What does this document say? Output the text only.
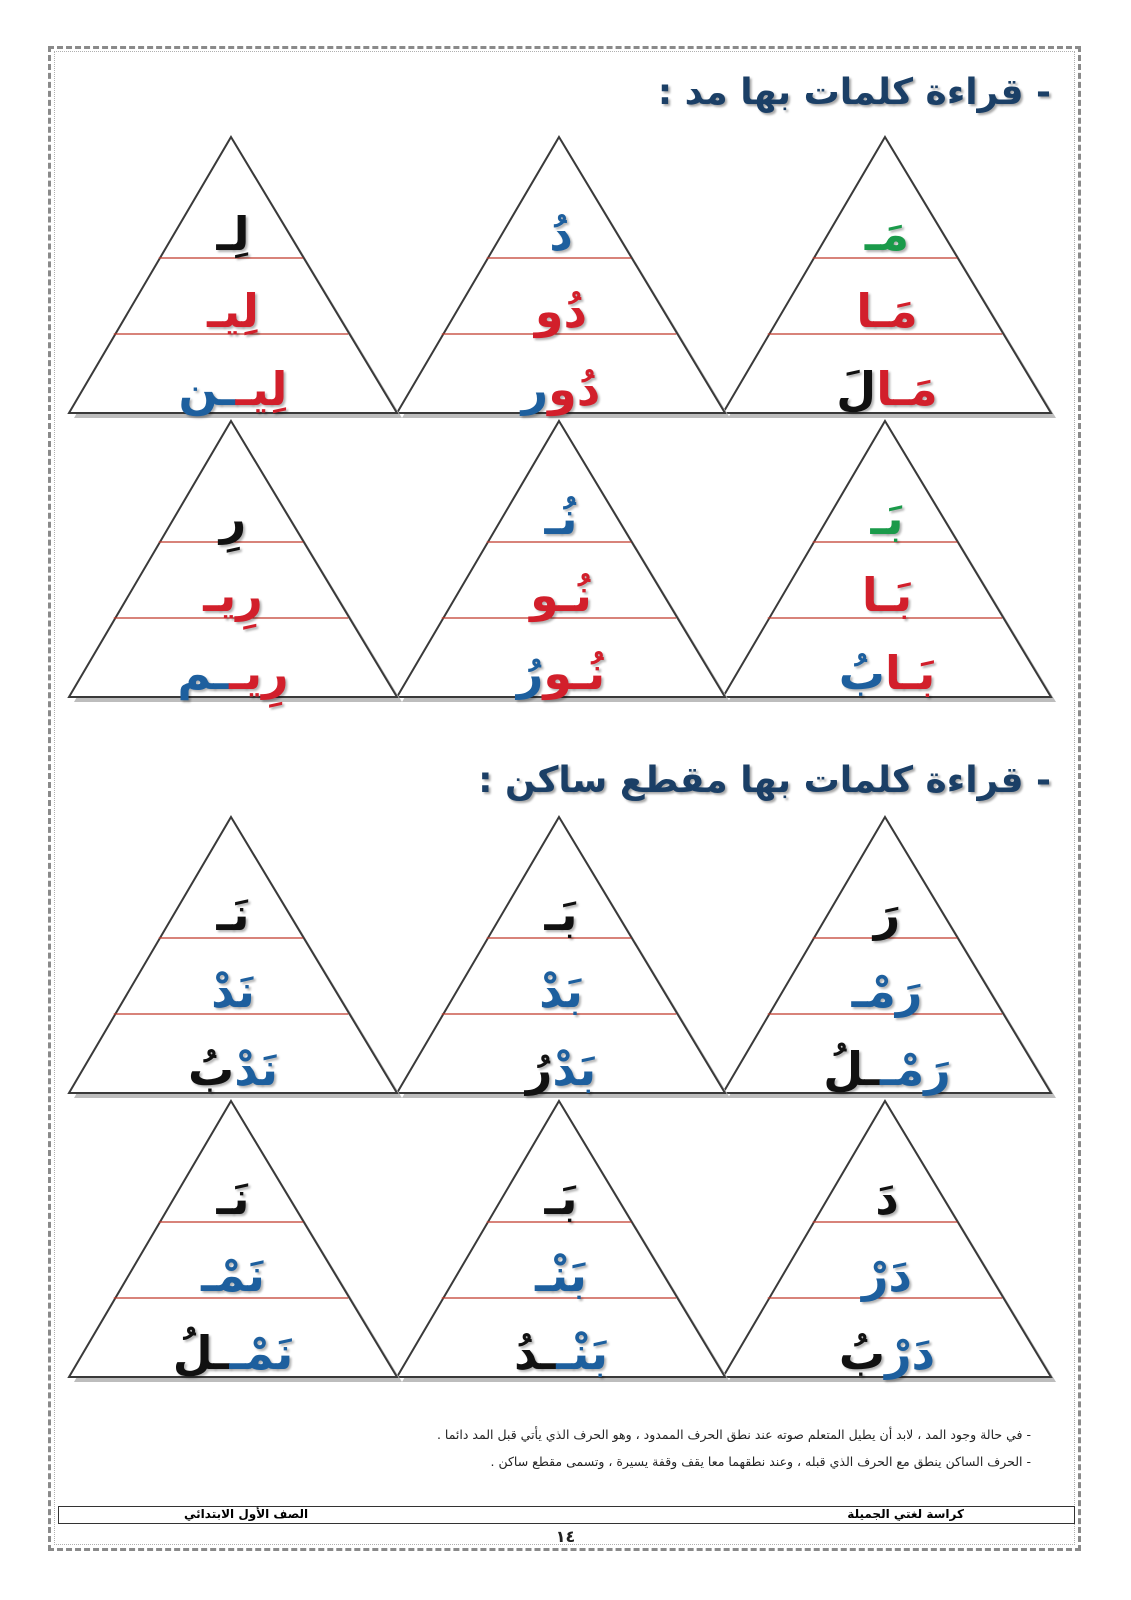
- قراءة كلمات بها مد :
مَـ
مَـا
مَـالَ
دُ
دُو
دُور
لِـ
لِيـ
لِيــن
بَـ
بَـا
بَـابُ
نُـ
نُـو
نُـورُ
رِ
رِيـ
رِيــم
- قراءة كلمات بها مقطع ساكن :
رَ
رَمْـ
رَمْــلُ
بَـ
بَدْ
بَدْرُ
نَـ
نَدْ
نَدْبُ
دَ
دَرْ
دَرْبُ
بَـ
بَنْـ
بَنْــدُ
نَـ
نَمْـ
نَمْــلُ
- في حالة وجود المد ، لابد أن يطيل المتعلم صوته عند نطق الحرف الممدود ، وهو الحرف الذي يأتي قبل المد دائما .
- الحرف الساكن ينطق مع الحرف الذي قبله ، وعند نطقهما معا يقف وقفة يسيرة ، وتسمى مقطع ساكن .
كراسة لغتي الجميلة
الصف الأول الابتدائي
١٤
